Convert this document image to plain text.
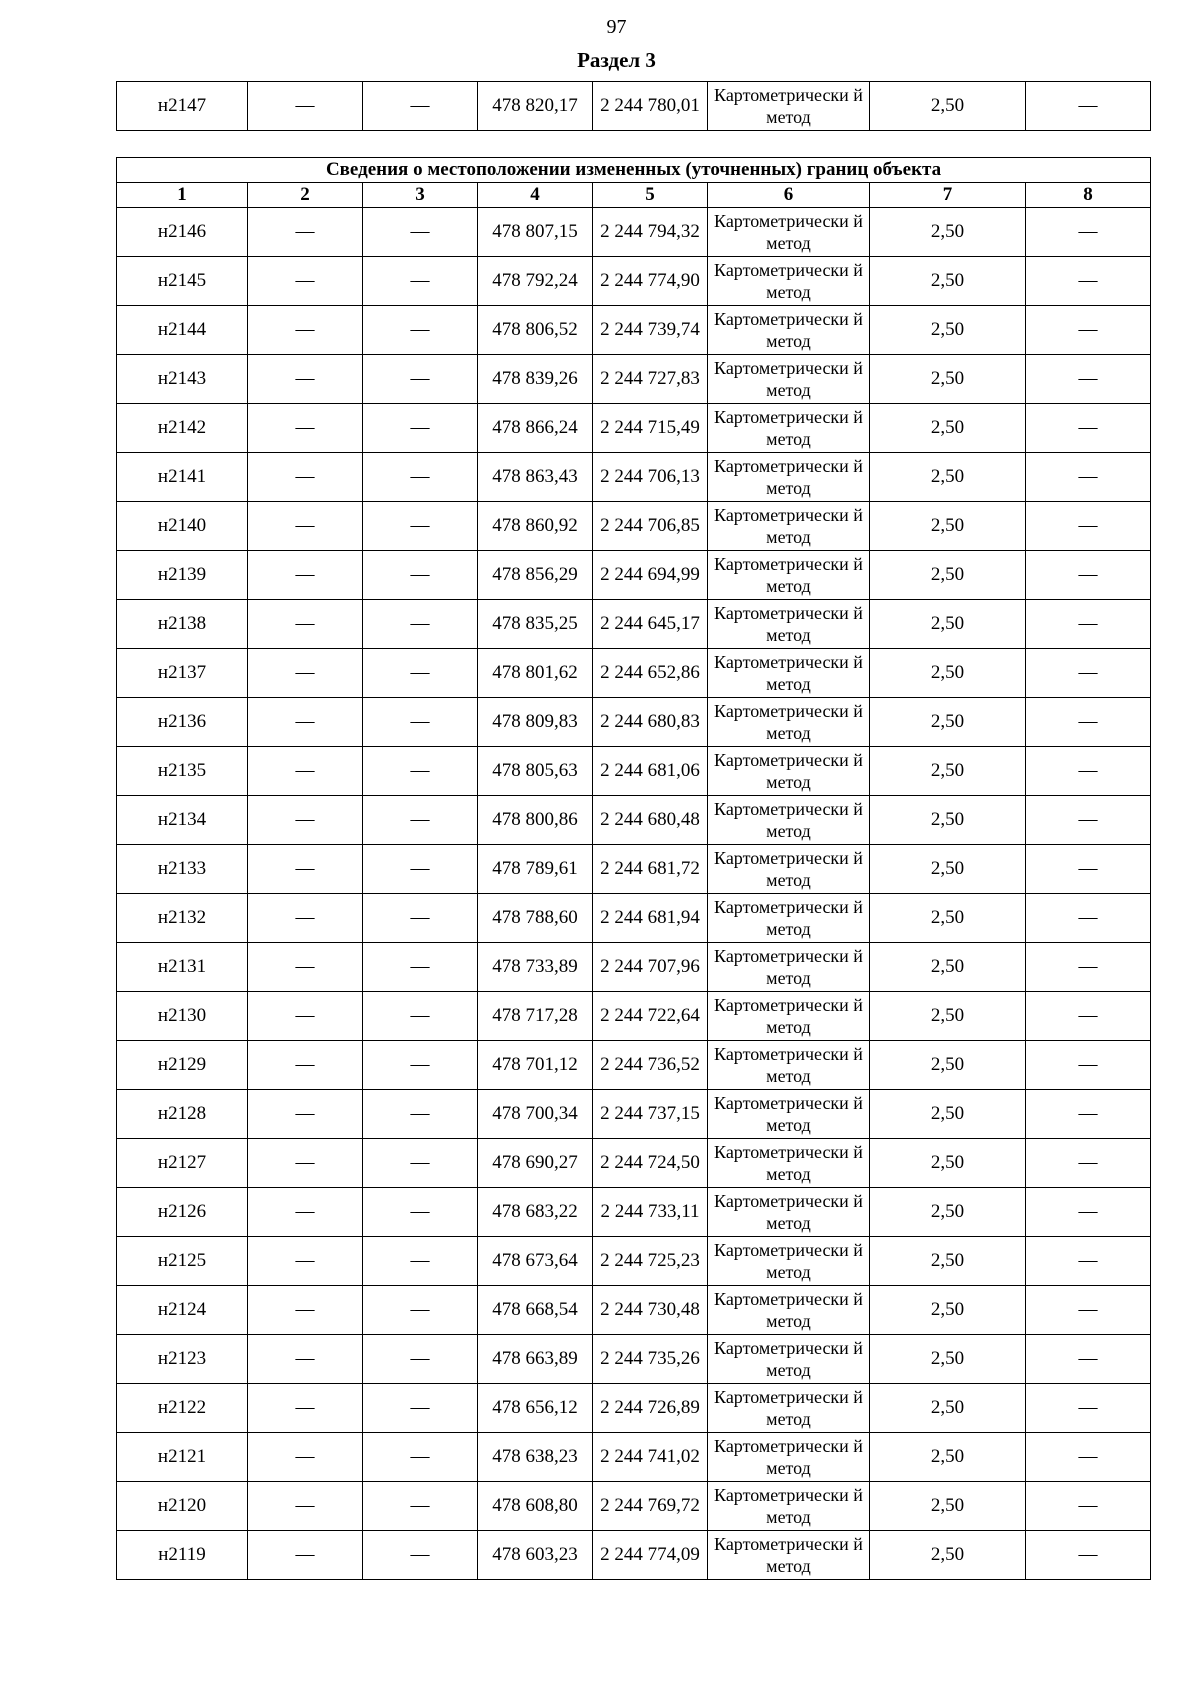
97
Раздел 3
н2147	—	—	478 820,17	2 244 780,01	Картометрически й метод	2,50	—
Сведения о местоположении измененных (уточненных) границ объекта							
1	2	3	4	5	6	7	8
н2146	—	—	478 807,15	2 244 794,32	Картометрически й метод	2,50	—
н2145	—	—	478 792,24	2 244 774,90	Картометрически й метод	2,50	—
н2144	—	—	478 806,52	2 244 739,74	Картометрически й метод	2,50	—
н2143	—	—	478 839,26	2 244 727,83	Картометрически й метод	2,50	—
н2142	—	—	478 866,24	2 244 715,49	Картометрически й метод	2,50	—
н2141	—	—	478 863,43	2 244 706,13	Картометрически й метод	2,50	—
н2140	—	—	478 860,92	2 244 706,85	Картометрически й метод	2,50	—
н2139	—	—	478 856,29	2 244 694,99	Картометрически й метод	2,50	—
н2138	—	—	478 835,25	2 244 645,17	Картометрически й метод	2,50	—
н2137	—	—	478 801,62	2 244 652,86	Картометрически й метод	2,50	—
н2136	—	—	478 809,83	2 244 680,83	Картометрически й метод	2,50	—
н2135	—	—	478 805,63	2 244 681,06	Картометрически й метод	2,50	—
н2134	—	—	478 800,86	2 244 680,48	Картометрически й метод	2,50	—
н2133	—	—	478 789,61	2 244 681,72	Картометрически й метод	2,50	—
н2132	—	—	478 788,60	2 244 681,94	Картометрически й метод	2,50	—
н2131	—	—	478 733,89	2 244 707,96	Картометрически й метод	2,50	—
н2130	—	—	478 717,28	2 244 722,64	Картометрически й метод	2,50	—
н2129	—	—	478 701,12	2 244 736,52	Картометрически й метод	2,50	—
н2128	—	—	478 700,34	2 244 737,15	Картометрически й метод	2,50	—
н2127	—	—	478 690,27	2 244 724,50	Картометрически й метод	2,50	—
н2126	—	—	478 683,22	2 244 733,11	Картометрически й метод	2,50	—
н2125	—	—	478 673,64	2 244 725,23	Картометрически й метод	2,50	—
н2124	—	—	478 668,54	2 244 730,48	Картометрически й метод	2,50	—
н2123	—	—	478 663,89	2 244 735,26	Картометрически й метод	2,50	—
н2122	—	—	478 656,12	2 244 726,89	Картометрически й метод	2,50	—
н2121	—	—	478 638,23	2 244 741,02	Картометрически й метод	2,50	—
н2120	—	—	478 608,80	2 244 769,72	Картометрически й метод	2,50	—
н2119	—	—	478 603,23	2 244 774,09	Картометрически й метод	2,50	—
